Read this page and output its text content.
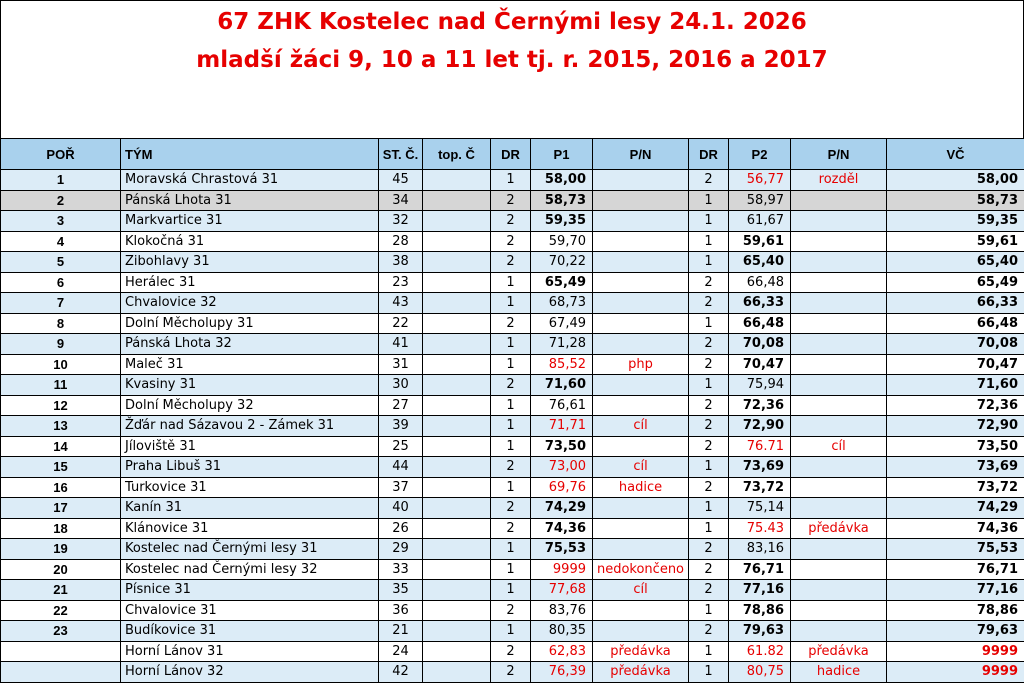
67 ZHK Kostelec nad Černými lesy 24.1. 2026
mladší žáci 9, 10 a 11 let tj. r. 2015, 2016 a 2017
POŘ	TÝM	ST. Č.	top. Č	DR	P1	P/N	DR	P2	P/N	VČ
1	Moravská Chrastová 31	45		1	58,00		2	56,77	rozděl	58,00
2	Pánská Lhota 31	34		2	58,73		1	58,97		58,73
3	Markvartice 31	32		2	59,35		1	61,67		59,35
4	Klokočná 31	28		2	59,70		1	59,61		59,61
5	Zibohlavy 31	38		2	70,22		1	65,40		65,40
6	Herálec 31	23		1	65,49		2	66,48		65,49
7	Chvalovice 32	43		1	68,73		2	66,33		66,33
8	Dolní Měcholupy 31	22		2	67,49		1	66,48		66,48
9	Pánská Lhota 32	41		1	71,28		2	70,08		70,08
10	Maleč 31	31		1	85,52	php	2	70,47		70,47
11	Kvasiny 31	30		2	71,60		1	75,94		71,60
12	Dolní Měcholupy 32	27		1	76,61		2	72,36		72,36
13	Žďár nad Sázavou 2 - Zámek 31	39		1	71,71	cíl	2	72,90		72,90
14	Jíloviště 31	25		1	73,50		2	76.71	cíl	73,50
15	Praha Libuš 31	44		2	73,00	cíl	1	73,69		73,69
16	Turkovice 31	37		1	69,76	hadice	2	73,72		73,72
17	Kanín 31	40		2	74,29		1	75,14		74,29
18	Klánovice 31	26		2	74,36		1	75.43	předávka	74,36
19	Kostelec nad Černými lesy 31	29		1	75,53		2	83,16		75,53
20	Kostelec nad Černými lesy 32	33		1	9999	nedokončeno	2	76,71		76,71
21	Písnice 31	35		1	77,68	cíl	2	77,16		77,16
22	Chvalovice 31	36		2	83,76		1	78,86		78,86
23	Budíkovice 31	21		1	80,35		2	79,63		79,63
	Horní Lánov 31	24		2	62,83	předávka	1	61.82	předávka	9999
	Horní Lánov 32	42		2	76,39	předávka	1	80,75	hadice	9999
